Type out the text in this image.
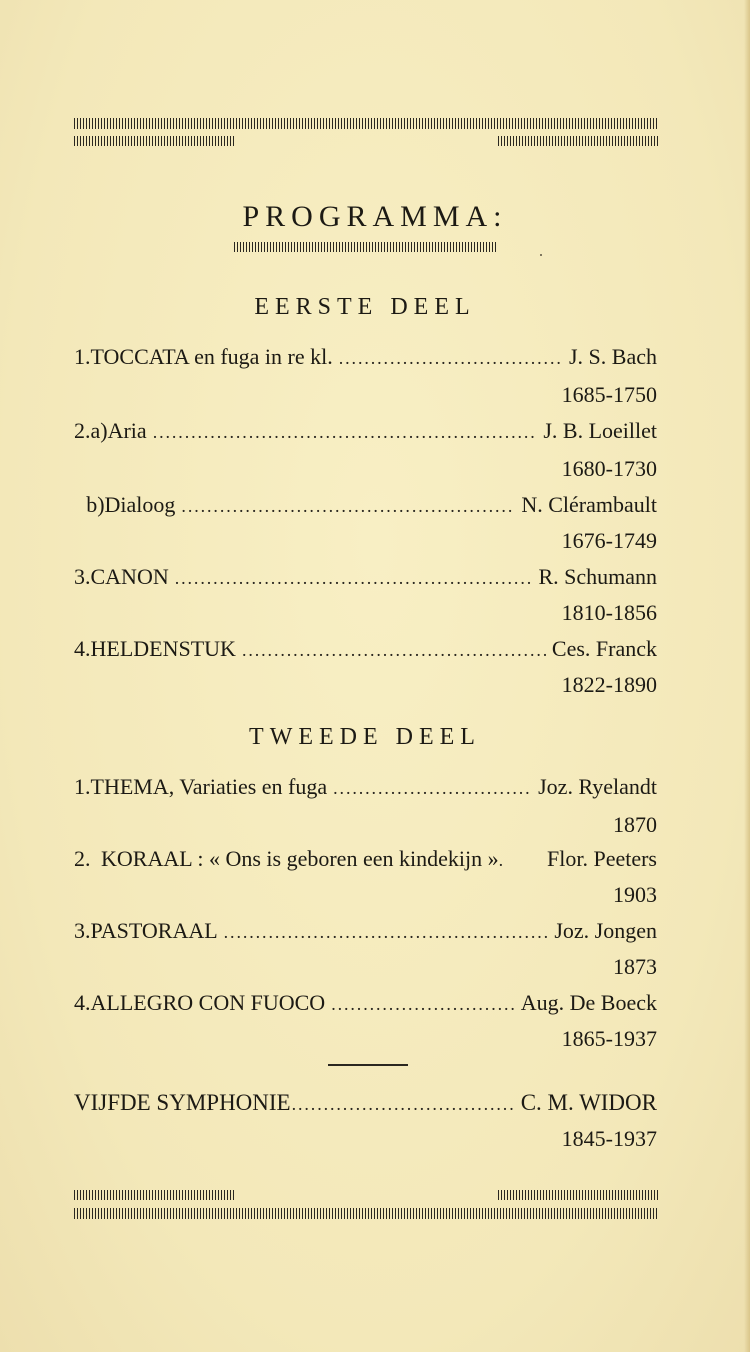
PROGRAMMA:
EERSTE DEEL
1. TOCCATA en fuga in re kl. . . .	J. S. Bach
1685-1750
2. a) Aria . . .	J. B. Loeillet
1680-1730
b) Dialoog . . .	N. Clérambault
1676-1749
3. CANON . . .	R. Schumann
1810-1856
4. HELDENSTUK . . .	Ces. Franck
1822-1890
TWEEDE DEEL
1. THEMA, Variaties en fuga . . .	Joz. Ryelandt
1870
2. KORAAL : « Ons is geboren een kindekijn » . . . Flor. Peeters
1903
3. PASTORAAL . . .	Joz. Jongen
1873
4. ALLEGRO CON FUOCO . . .	Aug. De Boeck
1865-1937
VIJFDE SYMPHONIE . . .	C. M. WIDOR
1845-1937
